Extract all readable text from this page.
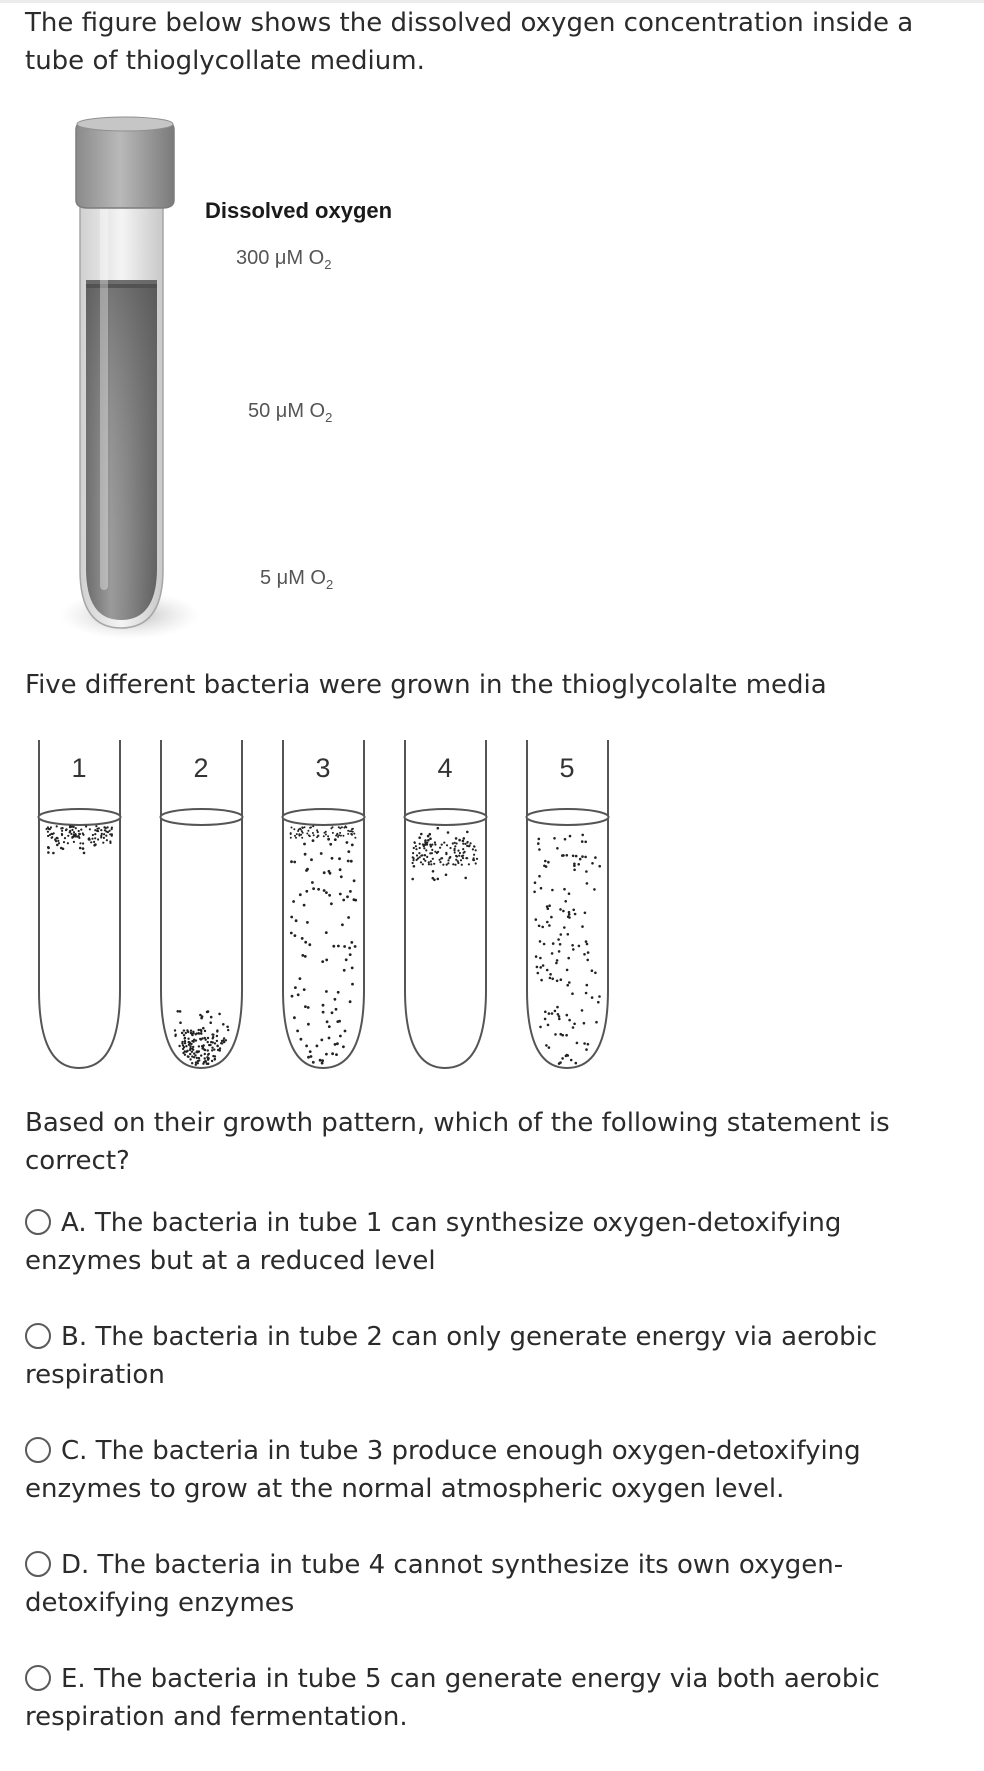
The figure below shows the dissolved oxygen concentration inside a tube of thioglycollate medium.

Dissolved oxygen
300 μM $O_2$
50 μM $O_2$
5 μM $O_2$

Five different bacteria were grown in the thioglycolalte media

1	2	3	4	5

Based on their growth pattern, which of the following statement is correct?

A. The bacteria in tube 1 can synthesize oxygen-detoxifying enzymes but at a reduced level
B. The bacteria in tube 2 can only generate energy via aerobic respiration
C. The bacteria in tube 3 produce enough oxygen-detoxifying enzymes to grow at the normal atmospheric oxygen level.
D. The bacteria in tube 4 cannot synthesize its own oxygen-detoxifying enzymes
E. The bacteria in tube 5 can generate energy via both aerobic respiration and fermentation.
